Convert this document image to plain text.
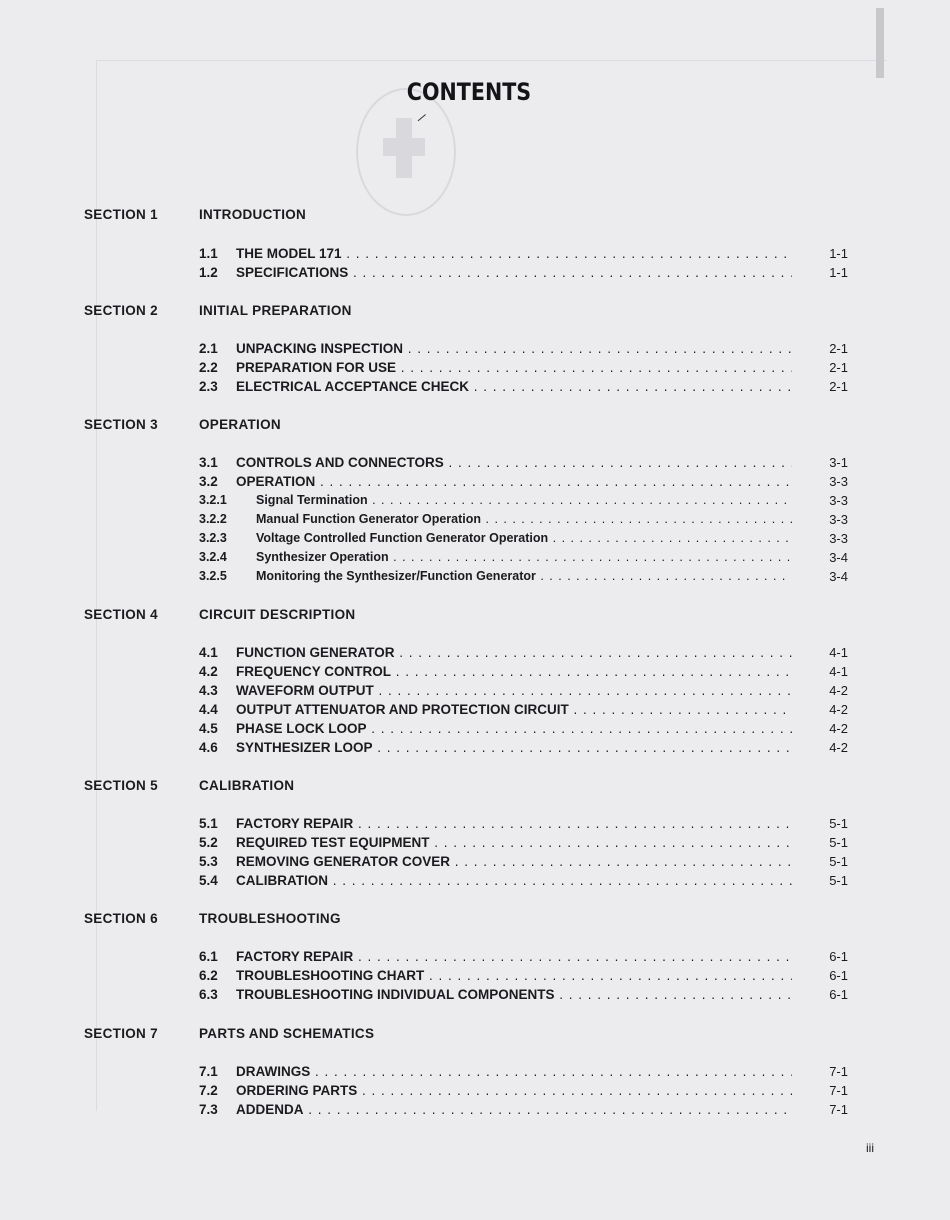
CONTENTS
SECTION 1	INTRODUCTION
1.1 THE MODEL 171 . . .	1-1
1.2 SPECIFICATIONS . . .	1-1
SECTION 2	INITIAL PREPARATION
2.1 UNPACKING INSPECTION . . .	2-1
2.2 PREPARATION FOR USE . . .	2-1
2.3 ELECTRICAL ACCEPTANCE CHECK . . .	2-1
SECTION 3	OPERATION
3.1 CONTROLS AND CONNECTORS . . .	3-1
3.2 OPERATION . . .	3-3
3.2.1 Signal Termination . . .	3-3
3.2.2 Manual Function Generator Operation . . .	3-3
3.2.3 Voltage Controlled Function Generator Operation . . .	3-3
3.2.4 Synthesizer Operation . . .	3-4
3.2.5 Monitoring the Synthesizer/Function Generator . . .	3-4
SECTION 4	CIRCUIT DESCRIPTION
4.1 FUNCTION GENERATOR . . .	4-1
4.2 FREQUENCY CONTROL . . .	4-1
4.3 WAVEFORM OUTPUT . . .	4-2
4.4 OUTPUT ATTENUATOR AND PROTECTION CIRCUIT . . .	4-2
4.5 PHASE LOCK LOOP . . .	4-2
4.6 SYNTHESIZER LOOP . . .	4-2
SECTION 5	CALIBRATION
5.1 FACTORY REPAIR . . .	5-1
5.2 REQUIRED TEST EQUIPMENT . . .	5-1
5.3 REMOVING GENERATOR COVER . . .	5-1
5.4 CALIBRATION . . .	5-1
SECTION 6	TROUBLESHOOTING
6.1 FACTORY REPAIR . . .	6-1
6.2 TROUBLESHOOTING CHART . . .	6-1
6.3 TROUBLESHOOTING INDIVIDUAL COMPONENTS . . .	6-1
SECTION 7	PARTS AND SCHEMATICS
7.1 DRAWINGS . . .	7-1
7.2 ORDERING PARTS . . .	7-1
7.3 ADDENDA . . .	7-1
iii
